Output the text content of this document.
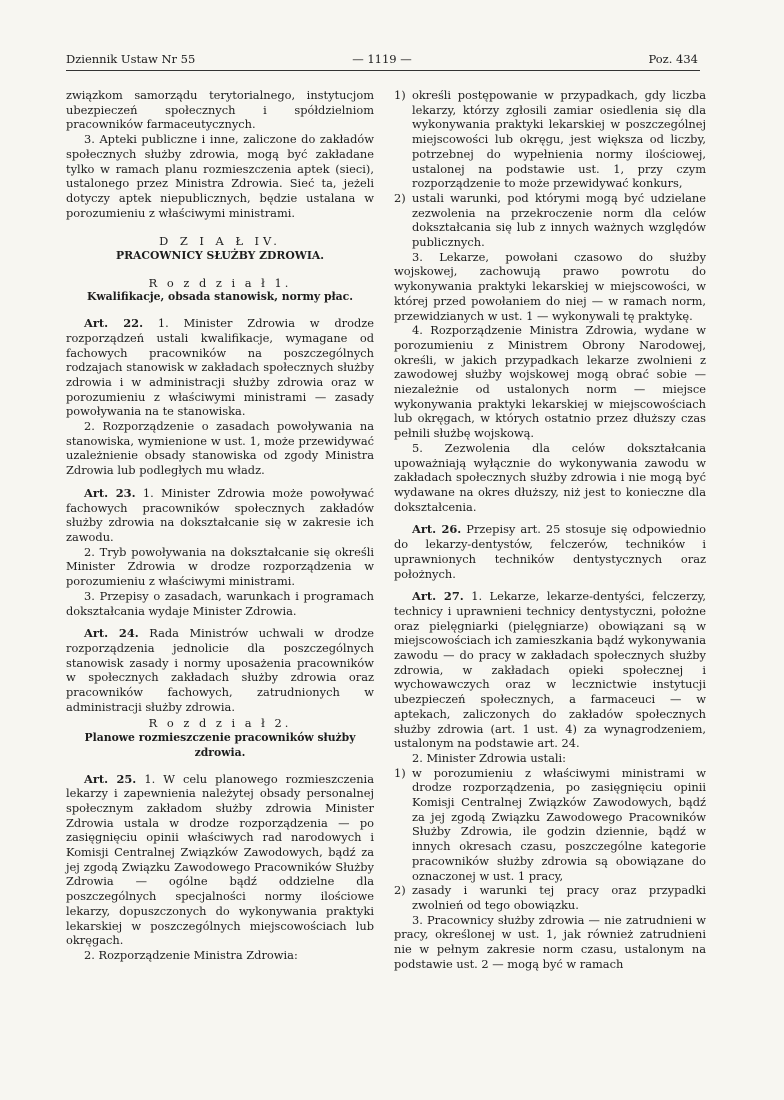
Dziennik Ustaw Nr 55	— 1119 —	Poz. 434

związkom samorządu terytorialnego, instytucjom ubezpieczeń społecznych i spółdzielniom pracowników farmaceutycznych.

3. Apteki publiczne i inne, zaliczone do zakładów społecznych służby zdrowia, mogą być zakładane tylko w ramach planu rozmieszczenia aptek (sieci), ustalonego przez Ministra Zdrowia. Sieć ta, jeżeli dotyczy aptek niepublicznych, będzie ustalana w porozumieniu z właściwymi ministrami.

D Z I A Ł IV.

PRACOWNICY SŁUŻBY ZDROWIA.

R o z d z i a ł 1.

Kwalifikacje, obsada stanowisk, normy płac.

Art. 22. 1. Minister Zdrowia w drodze rozporządzeń ustali kwalifikacje, wymagane od fachowych pracowników na poszczególnych rodzajach stanowisk w zakładach społecznych służby zdrowia i w administracji służby zdrowia oraz w porozumieniu z właściwymi ministrami — zasady powoływania na te stanowiska.

2. Rozporządzenie o zasadach powoływania na stanowiska, wymienione w ust. 1, może przewidywać uzależnienie obsady stanowiska od zgody Ministra Zdrowia lub podległych mu władz.

Art. 23. 1. Minister Zdrowia może powoływać fachowych pracowników społecznych zakładów służby zdrowia na dokształcanie się w zakresie ich zawodu.

2. Tryb powoływania na dokształcanie się określi Minister Zdrowia w drodze rozporządzenia w porozumieniu z właściwymi ministrami.

3. Przepisy o zasadach, warunkach i programach dokształcania wydaje Minister Zdrowia.

Art. 24. Rada Ministrów uchwali w drodze rozporządzenia jednolicie dla poszczególnych stanowisk zasady i normy uposażenia pracowników w społecznych zakładach służby zdrowia oraz pracowników fachowych, zatrudnionych w administracji służby zdrowia.

R o z d z i a ł 2.

Planowe rozmieszczenie pracowników służby zdrowia.

Art. 25. 1. W celu planowego rozmieszczenia lekarzy i zapewnienia należytej obsady personalnej społecznym zakładom służby zdrowia Minister Zdrowia ustala w drodze rozporządzenia — po zasięgnięciu opinii właściwych rad narodowych i Komisji Centralnej Związków Zawodowych, bądź za jej zgodą Związku Zawodowego Pracowników Służby Zdrowia — ogólne bądź oddzielne dla poszczególnych specjalności normy ilościowe lekarzy, dopuszczonych do wykonywania praktyki lekarskiej w poszczególnych miejscowościach lub okręgach.

2. Rozporządzenie Ministra Zdrowia:

1) określi postępowanie w przypadkach, gdy liczba lekarzy, którzy zgłosili zamiar osiedlenia się dla wykonywania praktyki lekarskiej w poszczególnej miejscowości lub okręgu, jest większa od liczby, potrzebnej do wypełnienia normy ilościowej, ustalonej na podstawie ust. 1, przy czym rozporządzenie to może przewidywać konkurs,
2) ustali warunki, pod którymi mogą być udzielane zezwolenia na przekroczenie norm dla celów dokształcania się lub z innych ważnych względów publicznych.

3. Lekarze, powołani czasowo do służby wojskowej, zachowują prawo powrotu do wykonywania praktyki lekarskiej w miejscowości, w której przed powołaniem do niej — w ramach norm, przewidzianych w ust. 1 — wykonywali tę praktykę.

4. Rozporządzenie Ministra Zdrowia, wydane w porozumieniu z Ministrem Obrony Narodowej, określi, w jakich przypadkach lekarze zwolnieni z zawodowej służby wojskowej mogą obrać sobie — niezależnie od ustalonych norm — miejsce wykonywania praktyki lekarskiej w miejscowościach lub okręgach, w których ostatnio przez dłuższy czas pełnili służbę wojskową.

5. Zezwolenia dla celów dokształcania upoważniają wyłącznie do wykonywania zawodu w zakładach społecznych służby zdrowia i nie mogą być wydawane na okres dłuższy, niż jest to konieczne dla dokształcenia.

Art. 26. Przepisy art. 25 stosuje się odpowiednio do lekarzy-dentystów, felczerów, techników i uprawnionych techników dentystycznych oraz położnych.

Art. 27. 1. Lekarze, lekarze-dentyści, felczerzy, technicy i uprawnieni technicy dentystyczni, położne oraz pielęgniarki (pielęgniarze) obowiązani są w miejscowościach ich zamieszkania bądź wykonywania zawodu — do pracy w zakładach społecznych służby zdrowia, w zakładach opieki społecznej i wychowawczych oraz w lecznictwie instytucji ubezpieczeń społecznych, a farmaceuci — w aptekach, zaliczonych do zakładów społecznych służby zdrowia (art. 1 ust. 4) za wynagrodzeniem, ustalonym na podstawie art. 24.

2. Minister Zdrowia ustali:

1) w porozumieniu z właściwymi ministrami w drodze rozporządzenia, po zasięgnięciu opinii Komisji Centralnej Związków Zawodowych, bądź za jej zgodą Związku Zawodowego Pracowników Służby Zdrowia, ile godzin dziennie, bądź w innych okresach czasu, poszczególne kategorie pracowników służby zdrowia są obowiązane do oznaczonej w ust. 1 pracy,
2) zasady i warunki tej pracy oraz przypadki zwolnień od tego obowiązku.

3. Pracownicy służby zdrowia — nie zatrudnieni w pracy, określonej w ust. 1, jak również zatrudnieni nie w pełnym zakresie norm czasu, ustalonym na podstawie ust. 2 — mogą być w ramach
